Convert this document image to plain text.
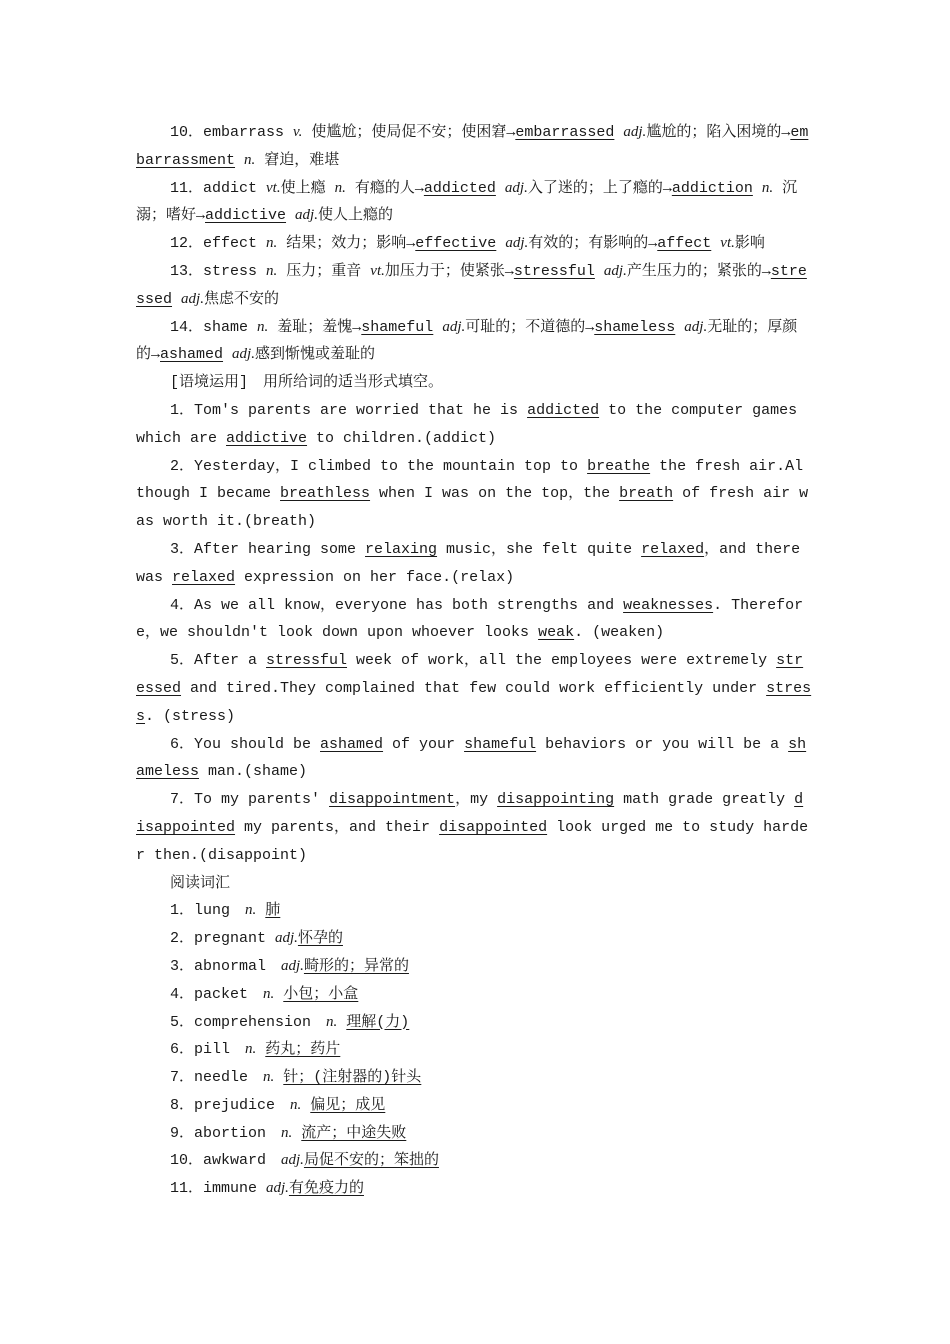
10．embarrass v. 使尴尬；使局促不安；使困窘→embarrassed adj.尴尬的；陷入困境的→embarrassment n. 窘迫，难堪

11．addict vt.使上瘾 n. 有瘾的人→addicted adj.入了迷的；上了瘾的→addiction n. 沉溺；嗜好→addictive adj.使人上瘾的

12．effect n. 结果；效力；影响→effective adj.有效的；有影响的→affect vt.影响

13．stress n. 压力；重音 vt.加压力于；使紧张→stressful adj.产生压力的；紧张的→stressed adj.焦虑不安的

14．shame n. 羞耻；羞愧→shameful adj.可耻的；不道德的→shameless adj.无耻的；厚颜的→ashamed adj.感到惭愧或羞耻的

[语境运用]　用所给词的适当形式填空。

1．Tom's parents are worried that he is addicted to the computer games which are addictive to children.(addict)

2．Yesterday，I climbed to the mountain top to breathe the fresh air.Although I became breathless when I was on the top，the breath of fresh air was worth it.(breath)

3．After hearing some relaxing music，she felt quite relaxed，and there was relaxed expression on her face.(relax)

4．As we all know，everyone has both strengths and weaknesses. Therefore，we shouldn't look down upon whoever looks weak. (weaken)

5．After a stressful week of work，all the employees were extremely stressed and tired.They complained that few could work efficiently under stress. (stress)

6．You should be ashamed of your shameful behaviors or you will be a shameless man.(shame)

7．To my parents' disappointment，my disappointing math grade greatly disappointed my parents，and their disappointed look urged me to study harder then.(disappoint)

阅读词汇

1．lung　n. 肺

2．pregnant adj.怀孕的

3．abnormal　adj.畸形的；异常的

4．packet　n. 小包；小盒

5．comprehension　n. 理解(力)

6．pill　n. 药丸；药片

7．needle　n. 针；(注射器的)针头

8．prejudice　n. 偏见；成见

9．abortion　n. 流产；中途失败

10．awkward　adj.局促不安的；笨拙的

11．immune adj.有免疫力的
